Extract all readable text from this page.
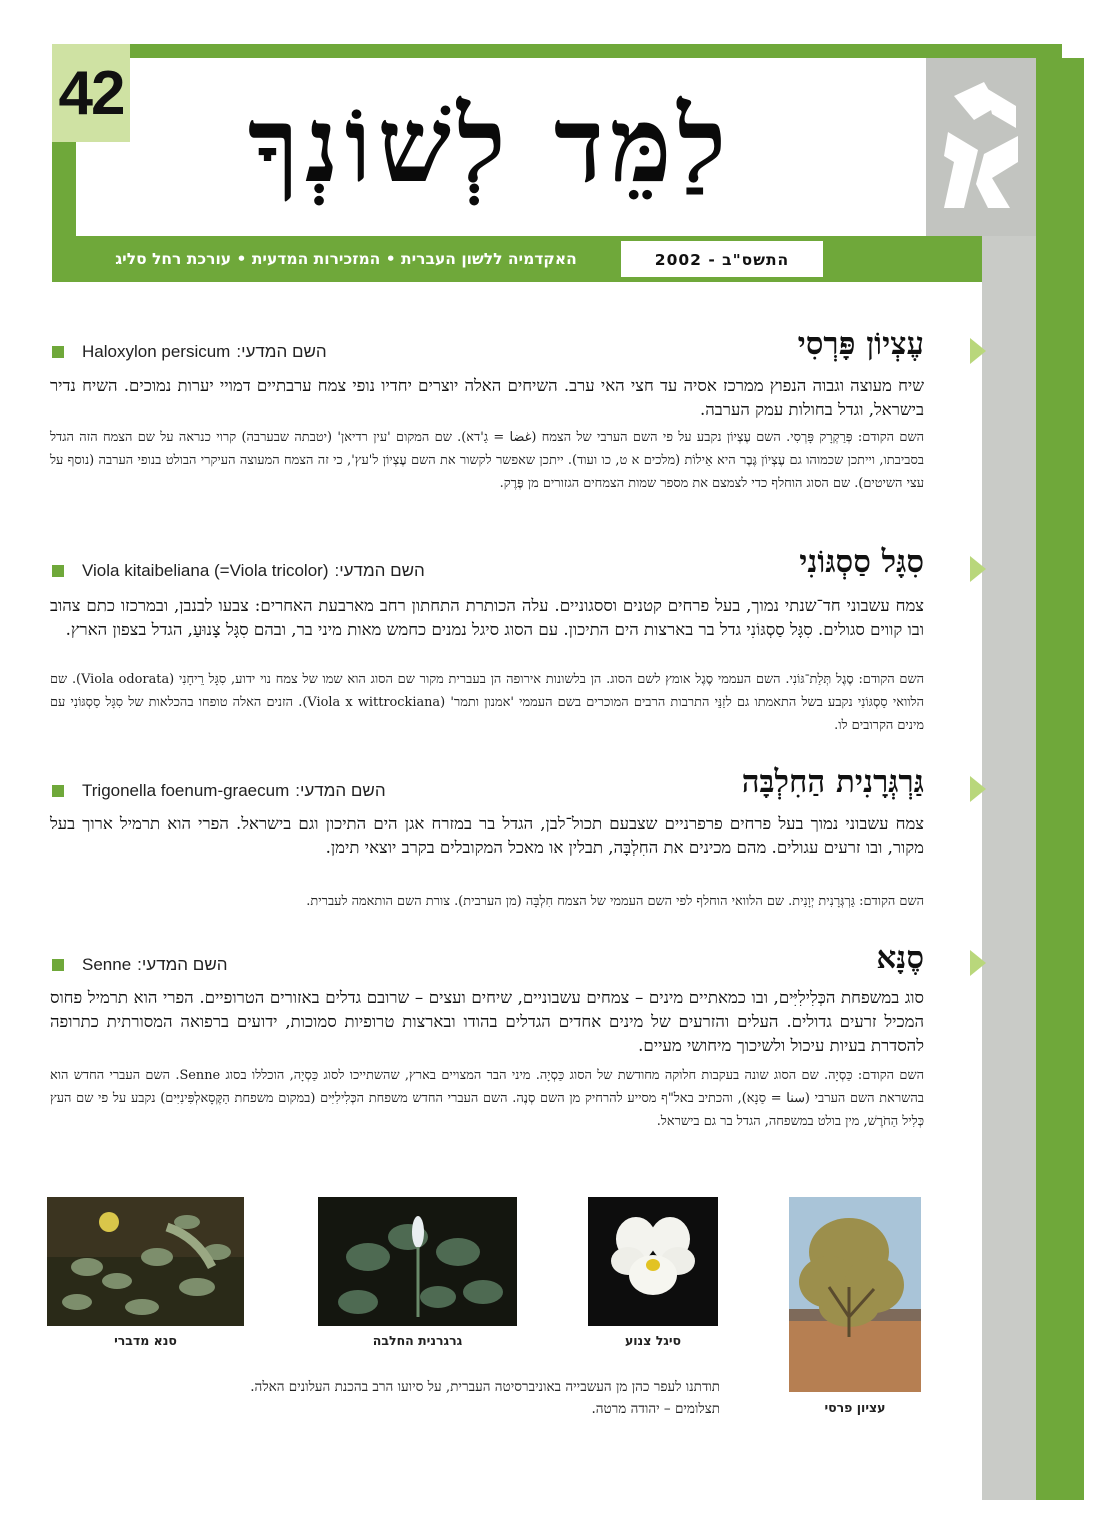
42	לַמֵּד לְשׁוֹנְךָ
האקדמיה ללשון העברית • המזכירות המדעית • עורכת רחל סליג	התשס"ב - 2002
עֶצְיוֹן פָּרְסִי
Haloxylon persicum השם המדעי:
שיח מעוצה וגבוה הנפוץ ממרכז אסיה עד חצי האי ערב. השיחים האלה יוצרים יחדיו נופי צמח ערבתיים דמויי יערות נמוכים. השיח נדיר בישראל, וגדל בחולות עמק הערבה.
השם הקודם: פְּרַקְרָק פָּרְסִי. השם עֶצְיוֹן נקבע על פי השם הערבי של הצמח (غضا = גַ'דא). שם המקום 'עין רדיאן' (יטבתה שבערבה) קרוי כנראה על שם הצמח הזה הגדל בסביבתו, וייתכן שכמוהו גם עֶצְיוֹן גֶּבֶר היא אֵילוֹת (מלכים א ט, כו ועוד). ייתכן שאפשר לקשור את השם עֶצְיוֹן ל'עץ', כי זה הצמח המעוצה העיקרי הבולט בנופי הערבה (נוסף על עצי השיטים). שם הסוג הוחלף כדי לצמצם את מספר שמות הצמחים הגזורים מן פֶּרֶק.
סִגָּל סַסְגּוֹנִי
Viola kitaibeliana (=Viola tricolor) השם המדעי:
צמח עשבוני חד־שנתי נמוך, בעל פרחים קטנים וססגוניים. עלה הכותרת התחתון רחב מארבעת האחרים: צבעו לבנבן, ובמרכזו כתם צהוב ובו קווים סגולים. סִגָּל סַסְגּוֹנִי גדל בר בארצות הים התיכון. עם הסוג סיגל נמנים כחמש מאות מיני בר, ובהם סִגָּל צָנוּעַ, הגדל בצפון הארץ.
השם הקודם: סֶגֶל תְּלַת־גּוֹנִי. השם העממי סֶגֶל אומץ לשם הסוג. הן בלשונות אירופה הן בעברית מקור שם הסוג הוא שמו של צמח נוי ידוע, סִגָּל רֵיחָנִי (Viola odorata). שם הלוואי סַסְגּוֹנִי נקבע בשל התאמתו גם לזַנֵּי התרבות הרבים המוכרים בשם העממי 'אמנון ותמר' (Viola x wittrockiana). הזנים האלה טופחו בהכלאות של סִגָּל סַסְגּוֹנִי עם מינים הקרובים לו.
גַּרְגְּרָנִית הַחִלְבָּה
Trigonella foenum-graecum השם המדעי:
צמח עשבוני נמוך בעל פרחים פרפרניים שצבעם תכול־לבן, הגדל בר במזרח אגן הים התיכון וגם בישראל. הפרי הוא תרמיל ארוך בעל מקור, ובו זרעים עגולים. מהם מכינים את החִלְבָּה, תבלין או מאכל המקובלים בקרב יוצאי תימן.
השם הקודם: גַּרְגְּרָנִית יְוָנִית. שם הלוואי הוחלף לפי השם העממי של הצמח חִלְבָּה (מן הערבית). צורת השם הותאמה לעברית.
סֶנָּא
Senne השם המדעי:
סוג במשפחת הכְּלִילִיִּים, ובו כמאתיים מינים – צמחים עשבוניים, שיחים ועצים – שרובם גדלים באזורים הטרופיים. הפרי הוא תרמיל פחוס המכיל זרעים גדולים. העלים והזרעים של מינים אחדים הגדלים בהודו ובארצות טרופיות סמוכות, ידועים ברפואה המסורתית כתרופה להסדרת בעיות עיכול ולשיכוך מיחושי מעיים.
השם הקודם: כַּסְיָה. שם הסוג שונה בעקבות חלוקה מחודשת של הסוג כַּסְיָה. מיני הבר המצויים בארץ, שהשתייכו לסוג כַּסְיָה, הוכללו בסוג Senne. השם העברי החדש הוא בהשראת השם הערבי (سنا = סַנָא), והכתיב באל"ף מסייע להרחיק מן השם סְנֶה. השם העברי החדש משפחת הכְּלִילִיִּים (במקום משפחת הַקֶּסָאלְפִּינִיִּים) נקבע על פי שם העץ כְּלִיל הַחֹרֶשׁ, מין בולט במשפחה, הגדל בר גם בישראל.
סנא מדברי	גרגרנית החלבה	סיגל צנוע
עציון פרסי
תודתנו לעפר כהן מן העשבייה באוניברסיטה העברית, על סיועו הרב בהכנת העלונים האלה.
תצלומים – יהודה מרטה.
